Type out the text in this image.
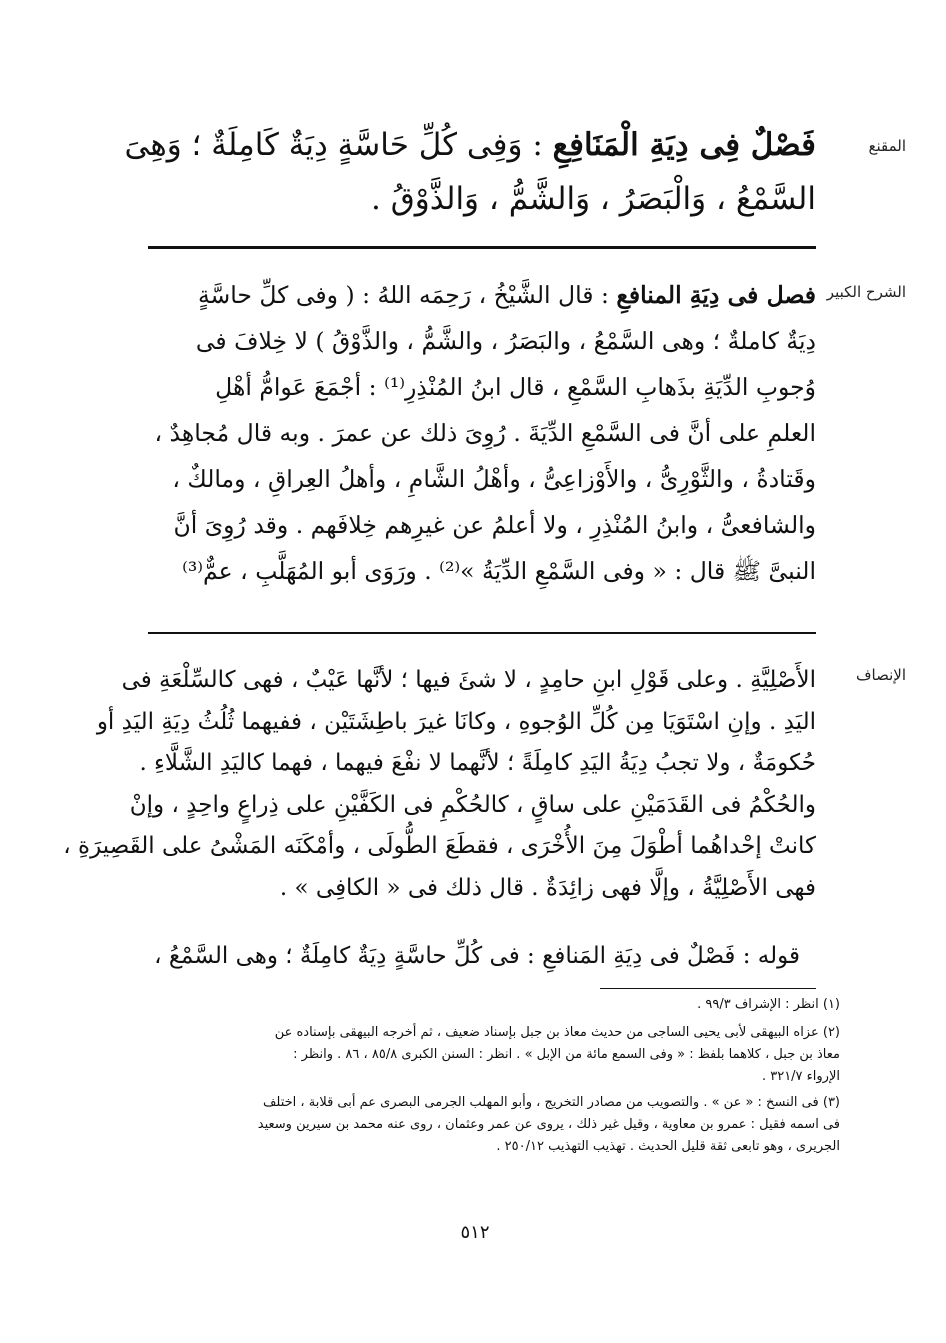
المقنع
فَصْلٌ فِى دِيَةِ الْمَنَافِعِ : وَفِى كُلِّ حَاسَّةٍ دِيَةٌ كَامِلَةٌ ؛ وَهِىَ
السَّمْعُ ، وَالْبَصَرُ ، وَالشَّمُّ ، وَالذَّوْقُ .
الشرح الكبير
فصل فى دِيَةِ المنافعِ : قال الشَّيْخُ ، رَحِمَه اللهُ : ( وفى كلِّ حاسَّةٍ
دِيَةٌ كاملةٌ ؛ وهى السَّمْعُ ، والبَصَرُ ، والشَّمُّ ، والذَّوْقُ ) لا خِلافَ فى
وُجوبِ الدِّيَةِ بذَهابِ السَّمْعِ ، قال ابنُ المُنْذِرِ⁽¹⁾ : أجْمَعَ عَوامُّ أهْلِ
العلمِ على أنَّ فى السَّمْعِ الدِّيَةَ . رُوِىَ ذلك عن عمرَ . وبه قال مُجاهِدٌ ،
وقَتادةُ ، والثَّوْرِىُّ ، والأَوْزاعِىُّ ، وأهْلُ الشَّامِ ، وأهلُ العِراقِ ، ومالكٌ ،
والشافعىُّ ، وابنُ المُنْذِرِ ، ولا أعلمُ عن غيرِهم خِلافَهم . وقد رُوِىَ أنَّ
النبىَّ ﷺ قال : « وفى السَّمْعِ الدِّيَةُ »⁽²⁾ . ورَوَى أبو المُهَلَّبِ ، عمٌّ⁽³⁾
الإنصاف
الأَصْلِيَّةِ . وعلى قَوْلِ ابنِ حامِدٍ ، لا شئَ فيها ؛ لأنَّها عَيْبٌ ، فهى كالسِّلْعَةِ فى
اليَدِ . وإنِ اسْتَوَيَا مِن كُلِّ الوُجوهِ ، وكانَا غيرَ باطِشَتَيْن ، ففيهما ثُلُثُ دِيَةِ اليَدِ أو
حُكومَةٌ ، ولا تجبُ دِيَةُ اليَدِ كامِلَةً ؛ لأنَّهما لا نفْعَ فيهما ، فهما كاليَدِ الشَّلَّاءِ .
والحُكْمُ فى القَدَمَيْنِ على ساقٍ ، كالحُكْمِ فى الكَفَّيْنِ على ذِراعٍ واحِدٍ ، وإنْ
كانتْ إحْداهُما أطْوَلَ مِنَ الأُخْرَى ، فقطَعَ الطُّولَى ، وأمْكَنَه المَشْىُ على القَصِيرَةِ ،
فهى الأَصْلِيَّةُ ، وإلَّا فهى زائِدَةٌ . قال ذلك فى « الكافِى » .
قوله : فَصْلٌ فى دِيَةِ المَنافعِ : فى كُلِّ حاسَّةٍ دِيَةٌ كامِلَةٌ ؛ وهى السَّمْعُ ،
(١) انظر : الإشراف ٩٩/٣ .
(٢) عزاه البيهقى لأبى يحيى الساجى من حديث معاذ بن جبل بإسناد ضعيف ، ثم أخرجه البيهقى بإسناده عن
معاذ بن جبل ، كلاهما بلفظ : « وفى السمع مائة من الإبل » . انظر : السنن الكبرى ٨٥/٨ ، ٨٦ . وانظر :
الإرواء ٣٢١/٧ .
(٣) فى النسخ : « عن » . والتصويب من مصادر التخريج ، وأبو المهلب الجرمى البصرى عم أبى قلابة ، اختلف
فى اسمه فقيل : عمرو بن معاوية ، وقيل غير ذلك ، يروى عن عمر وعثمان ، روى عنه محمد بن سيرين وسعيد
الجريرى ، وهو تابعى ثقة قليل الحديث . تهذيب التهذيب ٢٥٠/١٢ .
٥١٢
